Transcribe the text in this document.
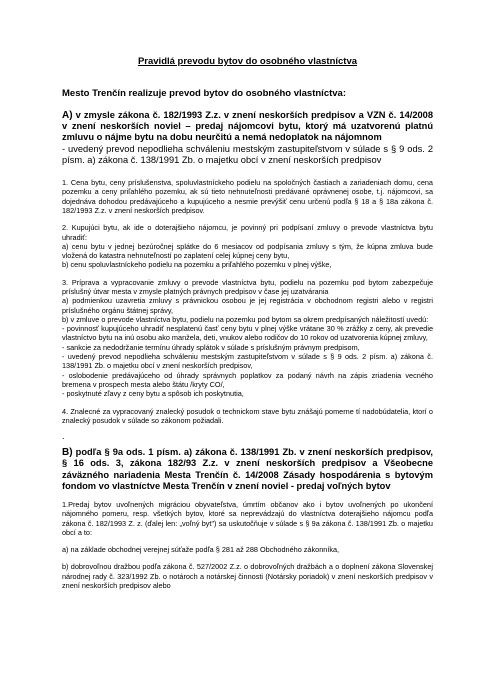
Pravidlá prevodu bytov do osobného vlastníctva
Mesto Trenčín realizuje prevod bytov do osobného vlastníctva:
A) v zmysle zákona č. 182/1993 Z.z. v znení neskorších predpisov a VZN č. 14/2008 v znení neskorších noviel – predaj nájomcovi bytu, ktorý má uzatvorenú platnú zmluvu o nájme bytu na dobu neurčitú a nemá nedoplatok na nájomnom
- uvedený prevod nepodlieha schváleniu mestským zastupiteľstvom v súlade s § 9 ods. 2 písm. a) zákona č. 138/1991 Zb. o majetku obcí v znení neskorších predpisov

1. Cena bytu, ceny príslušenstva, spoluvlastníckeho podielu na spoločných častiach a zariadeniach domu, cena pozemku a ceny priľahlého pozemku, ak sú tieto nehnuteľnosti predávané oprávnenej osobe, t.j. nájomcovi, sa dojednáva dohodou predávajúceho a kupujúceho a nesmie prevýšiť cenu určenú podľa § 18 a § 18a zákona č. 182/1993 Z.z. v znení neskorších predpisov.

2. Kupujúci bytu, ak ide o doterajšieho nájomcu, je povinný pri podpísaní zmluvy o prevode vlastníctva bytu uhradiť:

a) cenu bytu v jednej bezúročnej splátke do 6 mesiacov od podpísania zmluvy s tým, že kúpna zmluva bude vložená do katastra nehnuteľností po zaplatení celej kúpnej ceny bytu,

b) cenu spoluvlastníckeho podielu na pozemku a priľahlého pozemku v plnej výške,

3. Príprava a vypracovanie zmluvy o prevode vlastníctva bytu, podielu na pozemku pod bytom zabezpečuje príslušný útvar mesta v zmysle platných právnych predpisov v čase jej uzatvárania

a) podmienkou uzavretia zmluvy s právnickou osobou je jej registrácia v obchodnom registri alebo v registri príslušného orgánu štátnej správy,

b) v zmluve o prevode vlastníctva bytu, podielu na pozemku pod bytom sa okrem predpísaných náležitostí uvedú:

- povinnosť kupujúceho uhradiť nesplatenú časť ceny bytu v plnej výške vrátane 30 % zrážky z ceny, ak prevedie vlastníctvo bytu na inú osobu ako manžela, deti, vnukov alebo rodičov do 10 rokov od uzatvorenia kúpnej zmluvy,

- sankcie za nedodržanie termínu úhrady splátok v súlade s príslušným právnym predpisom,

- uvedený prevod nepodlieha schváleniu mestským zastupiteľstvom v súlade s § 9 ods. 2 písm. a) zákona č. 138/1991 Zb. o majetku obcí v znení neskorších predpisov,

- oslobodenie predávajúceho od úhrady správnych poplatkov za podaný návrh na zápis zriadenia vecného bremena v prospech mesta alebo štátu /kryty CO/,

- poskytnuté zľavy z ceny bytu a spôsob ich poskytnutia,

4. Znalecné za vypracovaný znalecký posudok o technickom stave bytu znášajú pomerne tí nadobúdatelia, ktorí o znalecký posudok v súlade so zákonom požiadali.

.
B) podľa § 9a ods. 1 písm. a) zákona č. 138/1991 Zb. v znení neskorších predpisov, § 16 ods. 3, zákona 182/93 Z.z. v znení neskorších predpisov a Všeobecne záväzného nariadenia Mesta Trenčín č. 14/2008 Zásady hospodárenia s bytovým fondom vo vlastníctve Mesta Trenčín v znení noviel - predaj voľných bytov

1.Predaj bytov uvoľnených migráciou obyvateľstva, úmrtím občanov ako i bytov uvoľnených po ukončení nájomného pomeru, resp. všetkých bytov, ktoré sa neprevádzajú do vlastníctva doterajšieho nájomcu podľa zákona č. 182/1993 Z. z. (ďalej len: „voľný byt") sa uskutočňuje v súlade s § 9a zákona č. 138/1991 Zb. o majetku obcí a to:

a) na základe obchodnej verejnej súťaže podľa § 281 až 288 Obchodného zákonníka,

b) dobrovoľnou dražbou podľa zákona č. 527/2002 Z.z. o dobrovoľných dražbách a o doplnení zákona Slovenskej národnej rady č. 323/1992 Zb. o notároch a notárskej činnosti (Notársky poriadok) v znení neskorších predpisov v znení neskorších predpisov alebo
